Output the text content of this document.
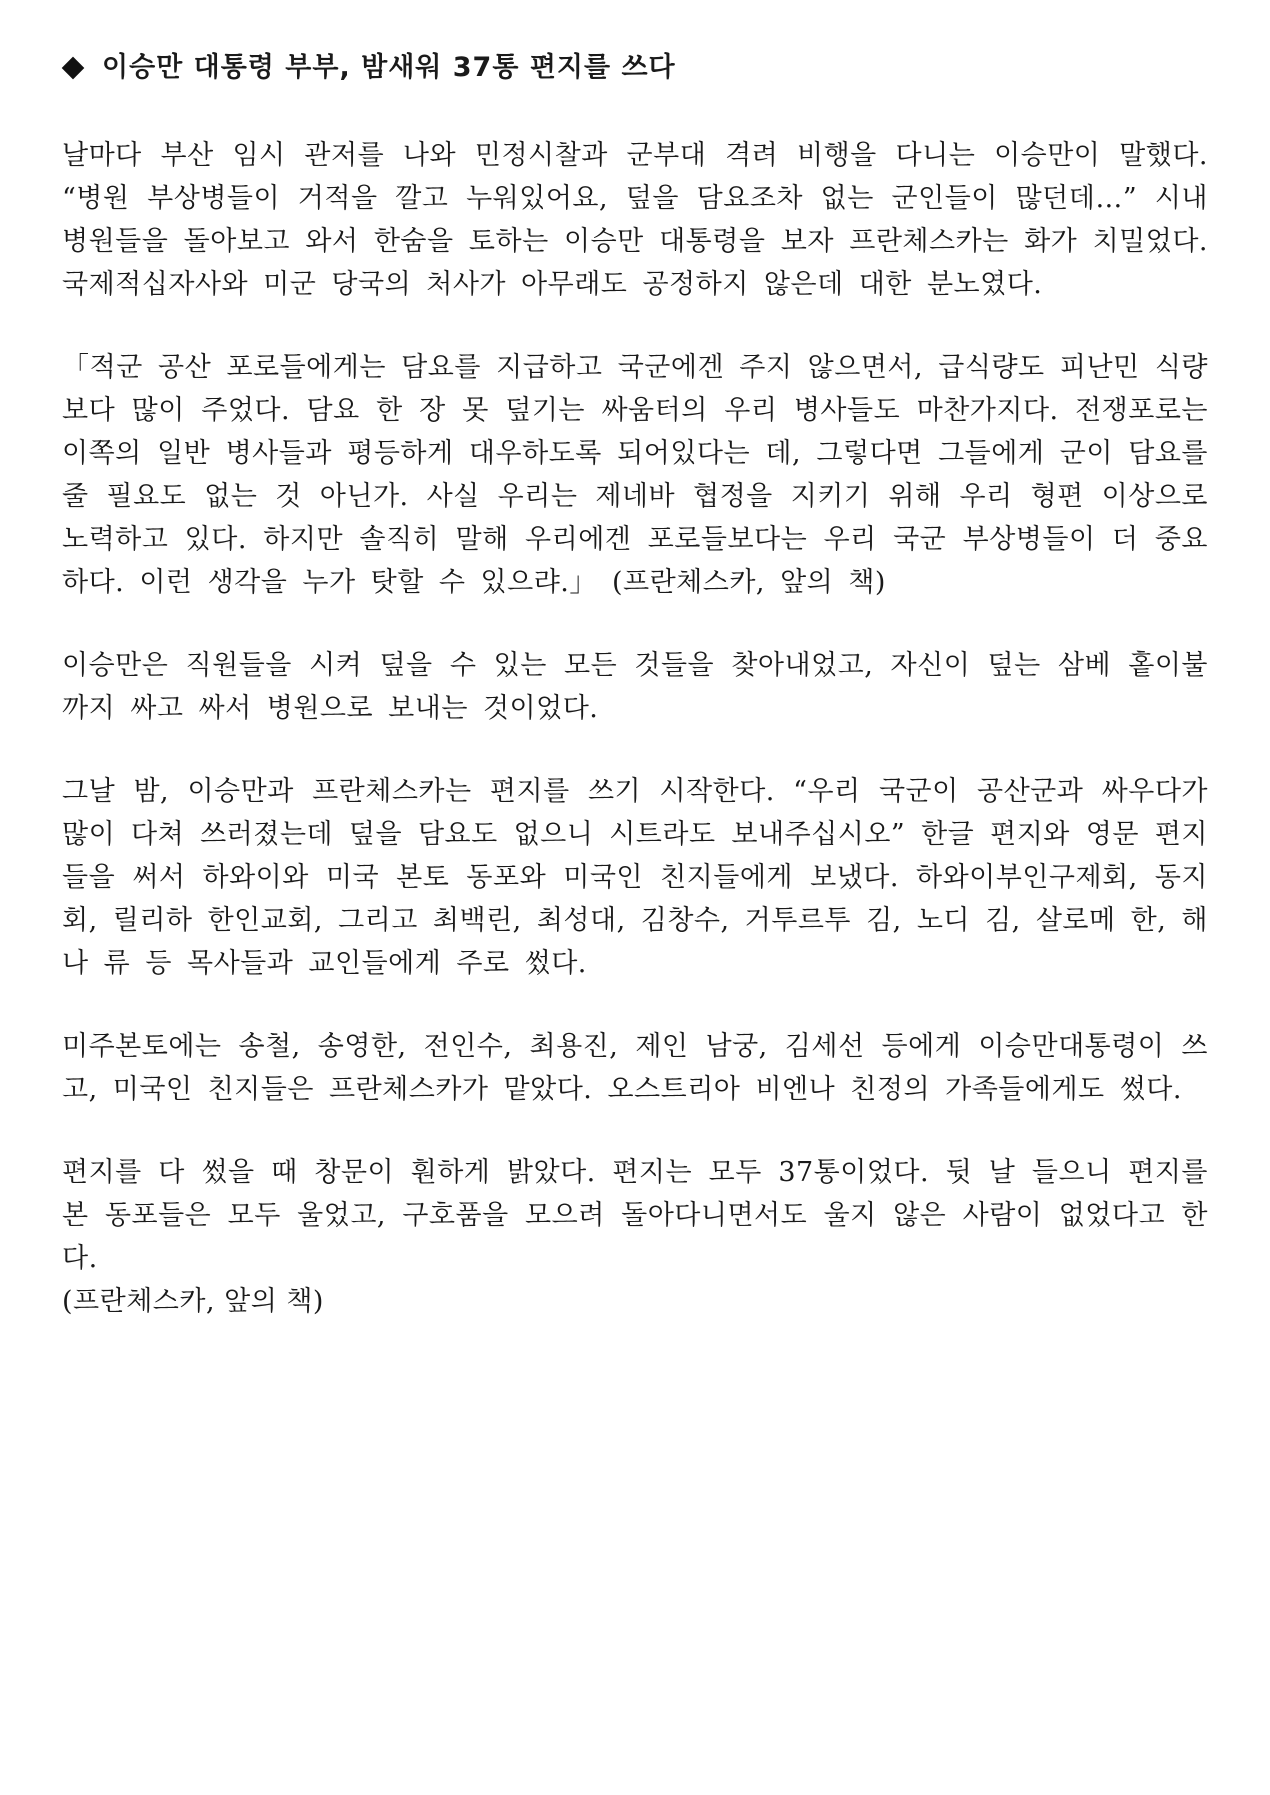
이승만 대통령 부부, 밤새워 37통 편지를 쓰다

날마다 부산 임시 관저를 나와 민정시찰과 군부대 격려 비행을 다니는 이승만이 말했다. “병원 부상병들이 거적을 깔고 누워있어요, 덮을 담요조차 없는 군인들이 많던데…” 시내 병원들을 돌아보고 와서 한숨을 토하는 이승만 대통령을 보자 프란체스카는 화가 치밀었다. 국제적십자사와 미군 당국의 처사가 아무래도 공정하지 않은데 대한 분노였다.

「적군 공산 포로들에게는 담요를 지급하고 국군에겐 주지 않으면서, 급식량도 피난민 식량보다 많이 주었다. 담요 한 장 못 덮기는 싸움터의 우리 병사들도 마찬가지다. 전쟁포로는 이쪽의 일반 병사들과 평등하게 대우하도록 되어있다는 데, 그렇다면 그들에게 군이 담요를 줄 필요도 없는 것 아닌가. 사실 우리는 제네바 협정을 지키기 위해 우리 형편 이상으로 노력하고 있다. 하지만 솔직히 말해 우리에겐 포로들보다는 우리 국군 부상병들이 더 중요하다. 이런 생각을 누가 탓할 수 있으랴.」 (프란체스카, 앞의 책)

이승만은 직원들을 시켜 덮을 수 있는 모든 것들을 찾아내었고, 자신이 덮는 삼베 홑이불까지 싸고 싸서 병원으로 보내는 것이었다.

그날 밤, 이승만과 프란체스카는 편지를 쓰기 시작한다. “우리 국군이 공산군과 싸우다가 많이 다쳐 쓰러졌는데 덮을 담요도 없으니 시트라도 보내주십시오” 한글 편지와 영문 편지들을 써서 하와이와 미국 본토 동포와 미국인 친지들에게 보냈다. 하와이부인구제회, 동지회, 릴리하 한인교회, 그리고 최백린, 최성대, 김창수, 거투르투 김, 노디 김, 살로메 한, 해나 류 등 목사들과 교인들에게 주로 썼다.

미주본토에는 송철, 송영한, 전인수, 최용진, 제인 남궁, 김세선 등에게 이승만대통령이 쓰고, 미국인 친지들은 프란체스카가 맡았다. 오스트리아 비엔나 친정의 가족들에게도 썼다.

편지를 다 썼을 때 창문이 훤하게 밝았다. 편지는 모두 37통이었다. 뒷 날 들으니 편지를 본 동포들은 모두 울었고, 구호품을 모으려 돌아다니면서도 울지 않은 사람이 없었다고 한다.

(프란체스카, 앞의 책)
